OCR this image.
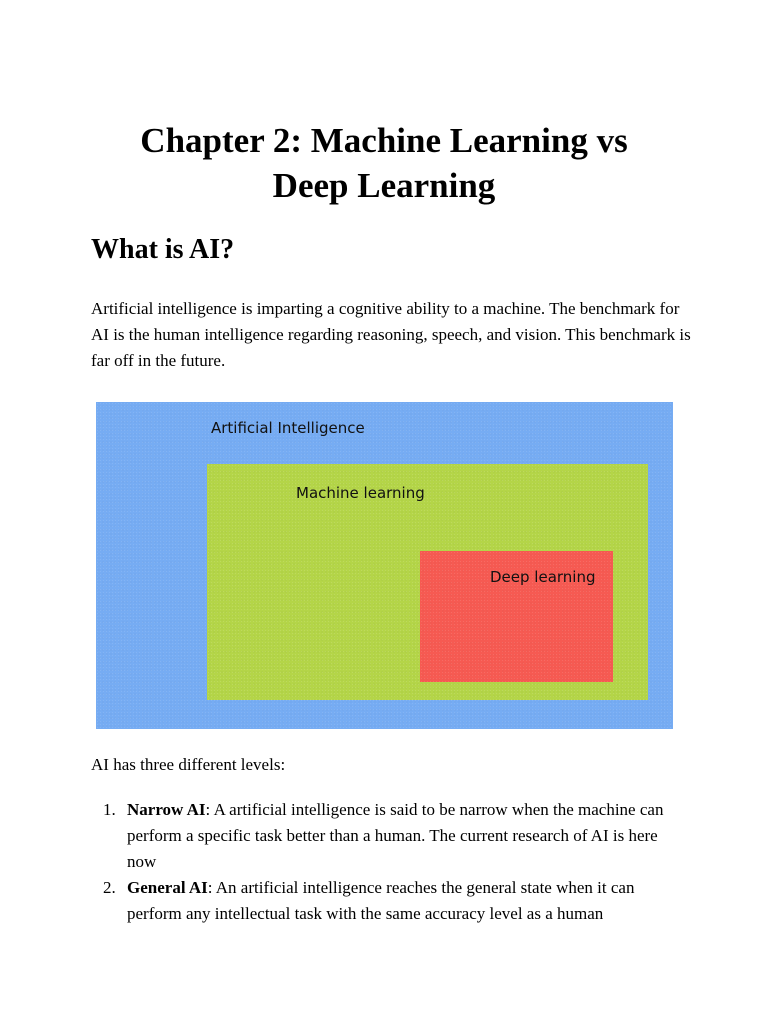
Chapter 2: Machine Learning vs Deep Learning
What is AI?

Artificial intelligence is imparting a cognitive ability to a machine. The benchmark for AI is the human intelligence regarding reasoning, speech, and vision. This benchmark is far off in the future.

Artificial Intelligence

Machine learning

Deep learning

AI has three different levels:

1. Narrow AI: A artificial intelligence is said to be narrow when the machine can perform a specific task better than a human. The current research of AI is here now
2. General AI: An artificial intelligence reaches the general state when it can perform any intellectual task with the same accuracy level as a human
